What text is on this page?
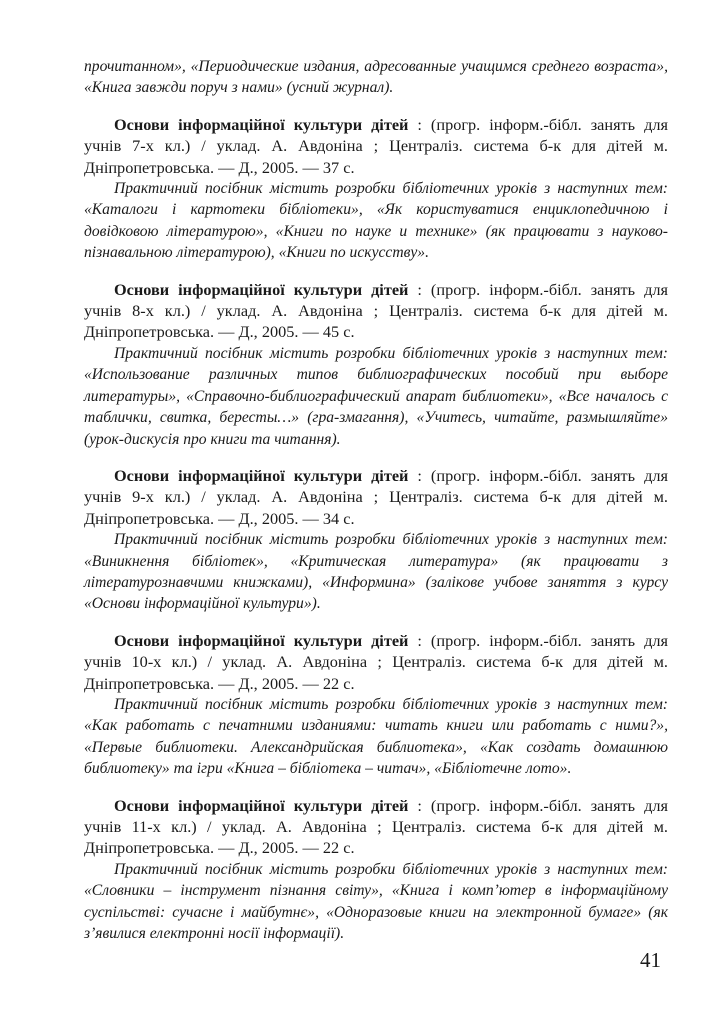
прочитанном», «Периодические издания, адресованные учащимся среднего возраста», «Книга завжди поруч з нами» (усний журнал).

Основи інформаційної культури дітей : (прогр. інформ.-бібл. занять для учнів 7-х кл.) / уклад. А. Авдоніна ; Централіз. система б-к для дітей м. Дніпропетровська. — Д., 2005. — 37 с.

Практичний посібник містить розробки бібліотечних уроків з наступних тем: «Каталоги і картотеки бібліотеки», «Як користуватися енциклопедичною і довідковою літературою», «Книги по науке и технике» (як працювати з науково-пізнавальною літературою), «Книги по искусству».

Основи інформаційної культури дітей : (прогр. інформ.-бібл. занять для учнів 8-х кл.) / уклад. А. Авдоніна ; Централіз. система б-к для дітей м. Дніпропетровська. — Д., 2005. — 45 с.

Практичний посібник містить розробки бібліотечних уроків з наступних тем: «Использование различных типов библиографических пособий при выборе литературы», «Справочно-библиографический апарат библиотеки», «Все началось с таблички, свитка, бересты…» (гра-змагання), «Учитесь, читайте, размышляйте» (урок-дискусія про книги та читання).

Основи інформаційної культури дітей : (прогр. інформ.-бібл. занять для учнів 9-х кл.) / уклад. А. Авдоніна ; Централіз. система б-к для дітей м. Дніпропетровська. — Д., 2005. — 34 с.

Практичний посібник містить розробки бібліотечних уроків з наступних тем: «Виникнення бібліотек», «Критическая литература» (як працювати з літературознавчими книжками), «Информина» (залікове учбове заняття з курсу «Основи інформаційної культури»).

Основи інформаційної культури дітей : (прогр. інформ.-бібл. занять для учнів 10-х кл.) / уклад. А. Авдоніна ; Централіз. система б-к для дітей м. Дніпропетровська. — Д., 2005. — 22 с.

Практичний посібник містить розробки бібліотечних уроків з наступних тем: «Как работать с печатними изданиями: читать книги или работать с ними?», «Первые библиотеки. Александрийская библиотека», «Как создать домашнюю библиотеку» та ігри «Книга – бібліотека – читач», «Бібліотечне лото».

Основи інформаційної культури дітей : (прогр. інформ.-бібл. занять для учнів 11-х кл.) / уклад. А. Авдоніна ; Централіз. система б-к для дітей м. Дніпропетровська. — Д., 2005. — 22 с.

Практичний посібник містить розробки бібліотечних уроків з наступних тем: «Словники – інструмент пізнання світу», «Книга і комп’ютер в інформаційному суспільстві: сучасне і майбутнє», «Одноразовые книги на электронной бумаге» (як з’явилися електронні носії інформації).

41
